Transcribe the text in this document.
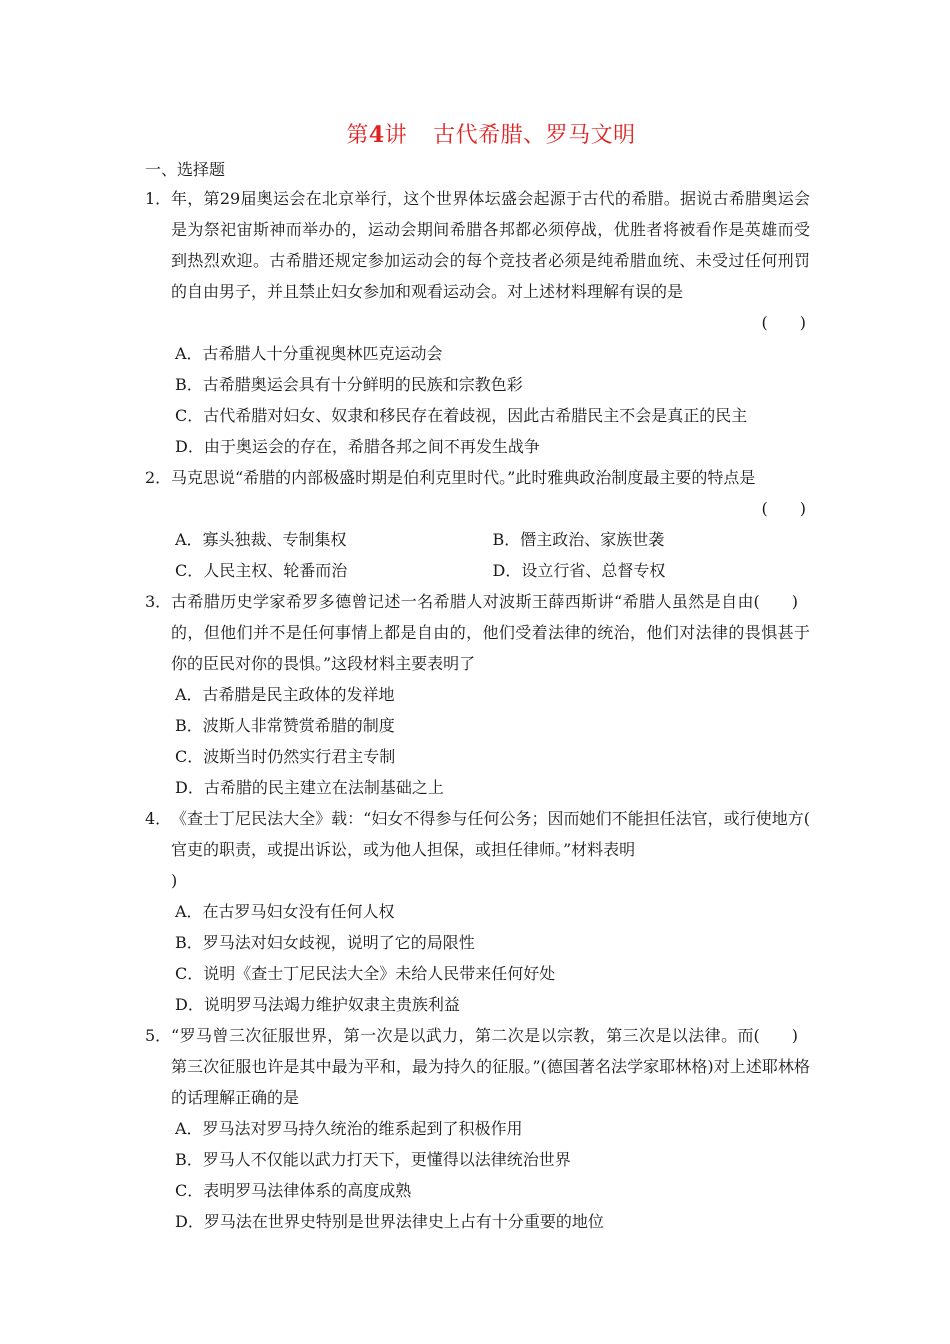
第4讲 古代希腊、罗马文明
一、选择题
1． 年，第29届奥运会在北京举行，这个世界体坛盛会起源于古代的希腊。据说古希腊奥运会是为祭祀宙斯神而举办的，运动会期间希腊各邦都必须停战，优胜者将被看作是英雄而受到热烈欢迎。古希腊还规定参加运动会的每个竞技者必须是纯希腊血统、未受过任何刑罚的自由男子，并且禁止妇女参加和观看运动会。对上述材料理解有误的是
(　　)
A．古希腊人十分重视奥林匹克运动会
B．古希腊奥运会具有十分鲜明的民族和宗教色彩
C．古代希腊对妇女、奴隶和移民存在着歧视，因此古希腊民主不会是真正的民主
D．由于奥运会的存在，希腊各邦之间不再发生战争
2． 马克思说“希腊的内部极盛时期是伯利克里时代。”此时雅典政治制度最主要的特点是
(　　)
A．寡头独裁、专制集权	B．僭主政治、家族世袭
C．人民主权、轮番而治	D．设立行省、总督专权
3．	(　　)
古希腊历史学家希罗多德曾记述一名希腊人对波斯王薛西斯讲“希腊人虽然是自由的，但他们并不是任何事情上都是自由的，他们受着法律的统治，他们对法律的畏惧甚于你的臣民对你的畏惧。”这段材料主要表明了
A．古希腊是民主政体的发祥地
B．波斯人非常赞赏希腊的制度
C．波斯当时仍然实行君主专制
D．古希腊的民主建立在法制基础之上
4．	(
《查士丁尼民法大全》载：“妇女不得参与任何公务；因而她们不能担任法官，或行使地方官吏的职责，或提出诉讼，或为他人担保，或担任律师。”材料表明
)
A．在古罗马妇女没有任何人权
B．罗马法对妇女歧视，说明了它的局限性
C．说明《查士丁尼民法大全》未给人民带来任何好处
D．说明罗马法竭力维护奴隶主贵族利益
5．	(　　)
“罗马曾三次征服世界，第一次是以武力，第二次是以宗教，第三次是以法律。而第三次征服也许是其中最为平和，最为持久的征服。”(德国著名法学家耶林格)对上述耶林格的话理解正确的是
A．罗马法对罗马持久统治的维系起到了积极作用
B．罗马人不仅能以武力打天下，更懂得以法律统治世界
C．表明罗马法律体系的高度成熟
D．罗马法在世界史特别是世界法律史上占有十分重要的地位
